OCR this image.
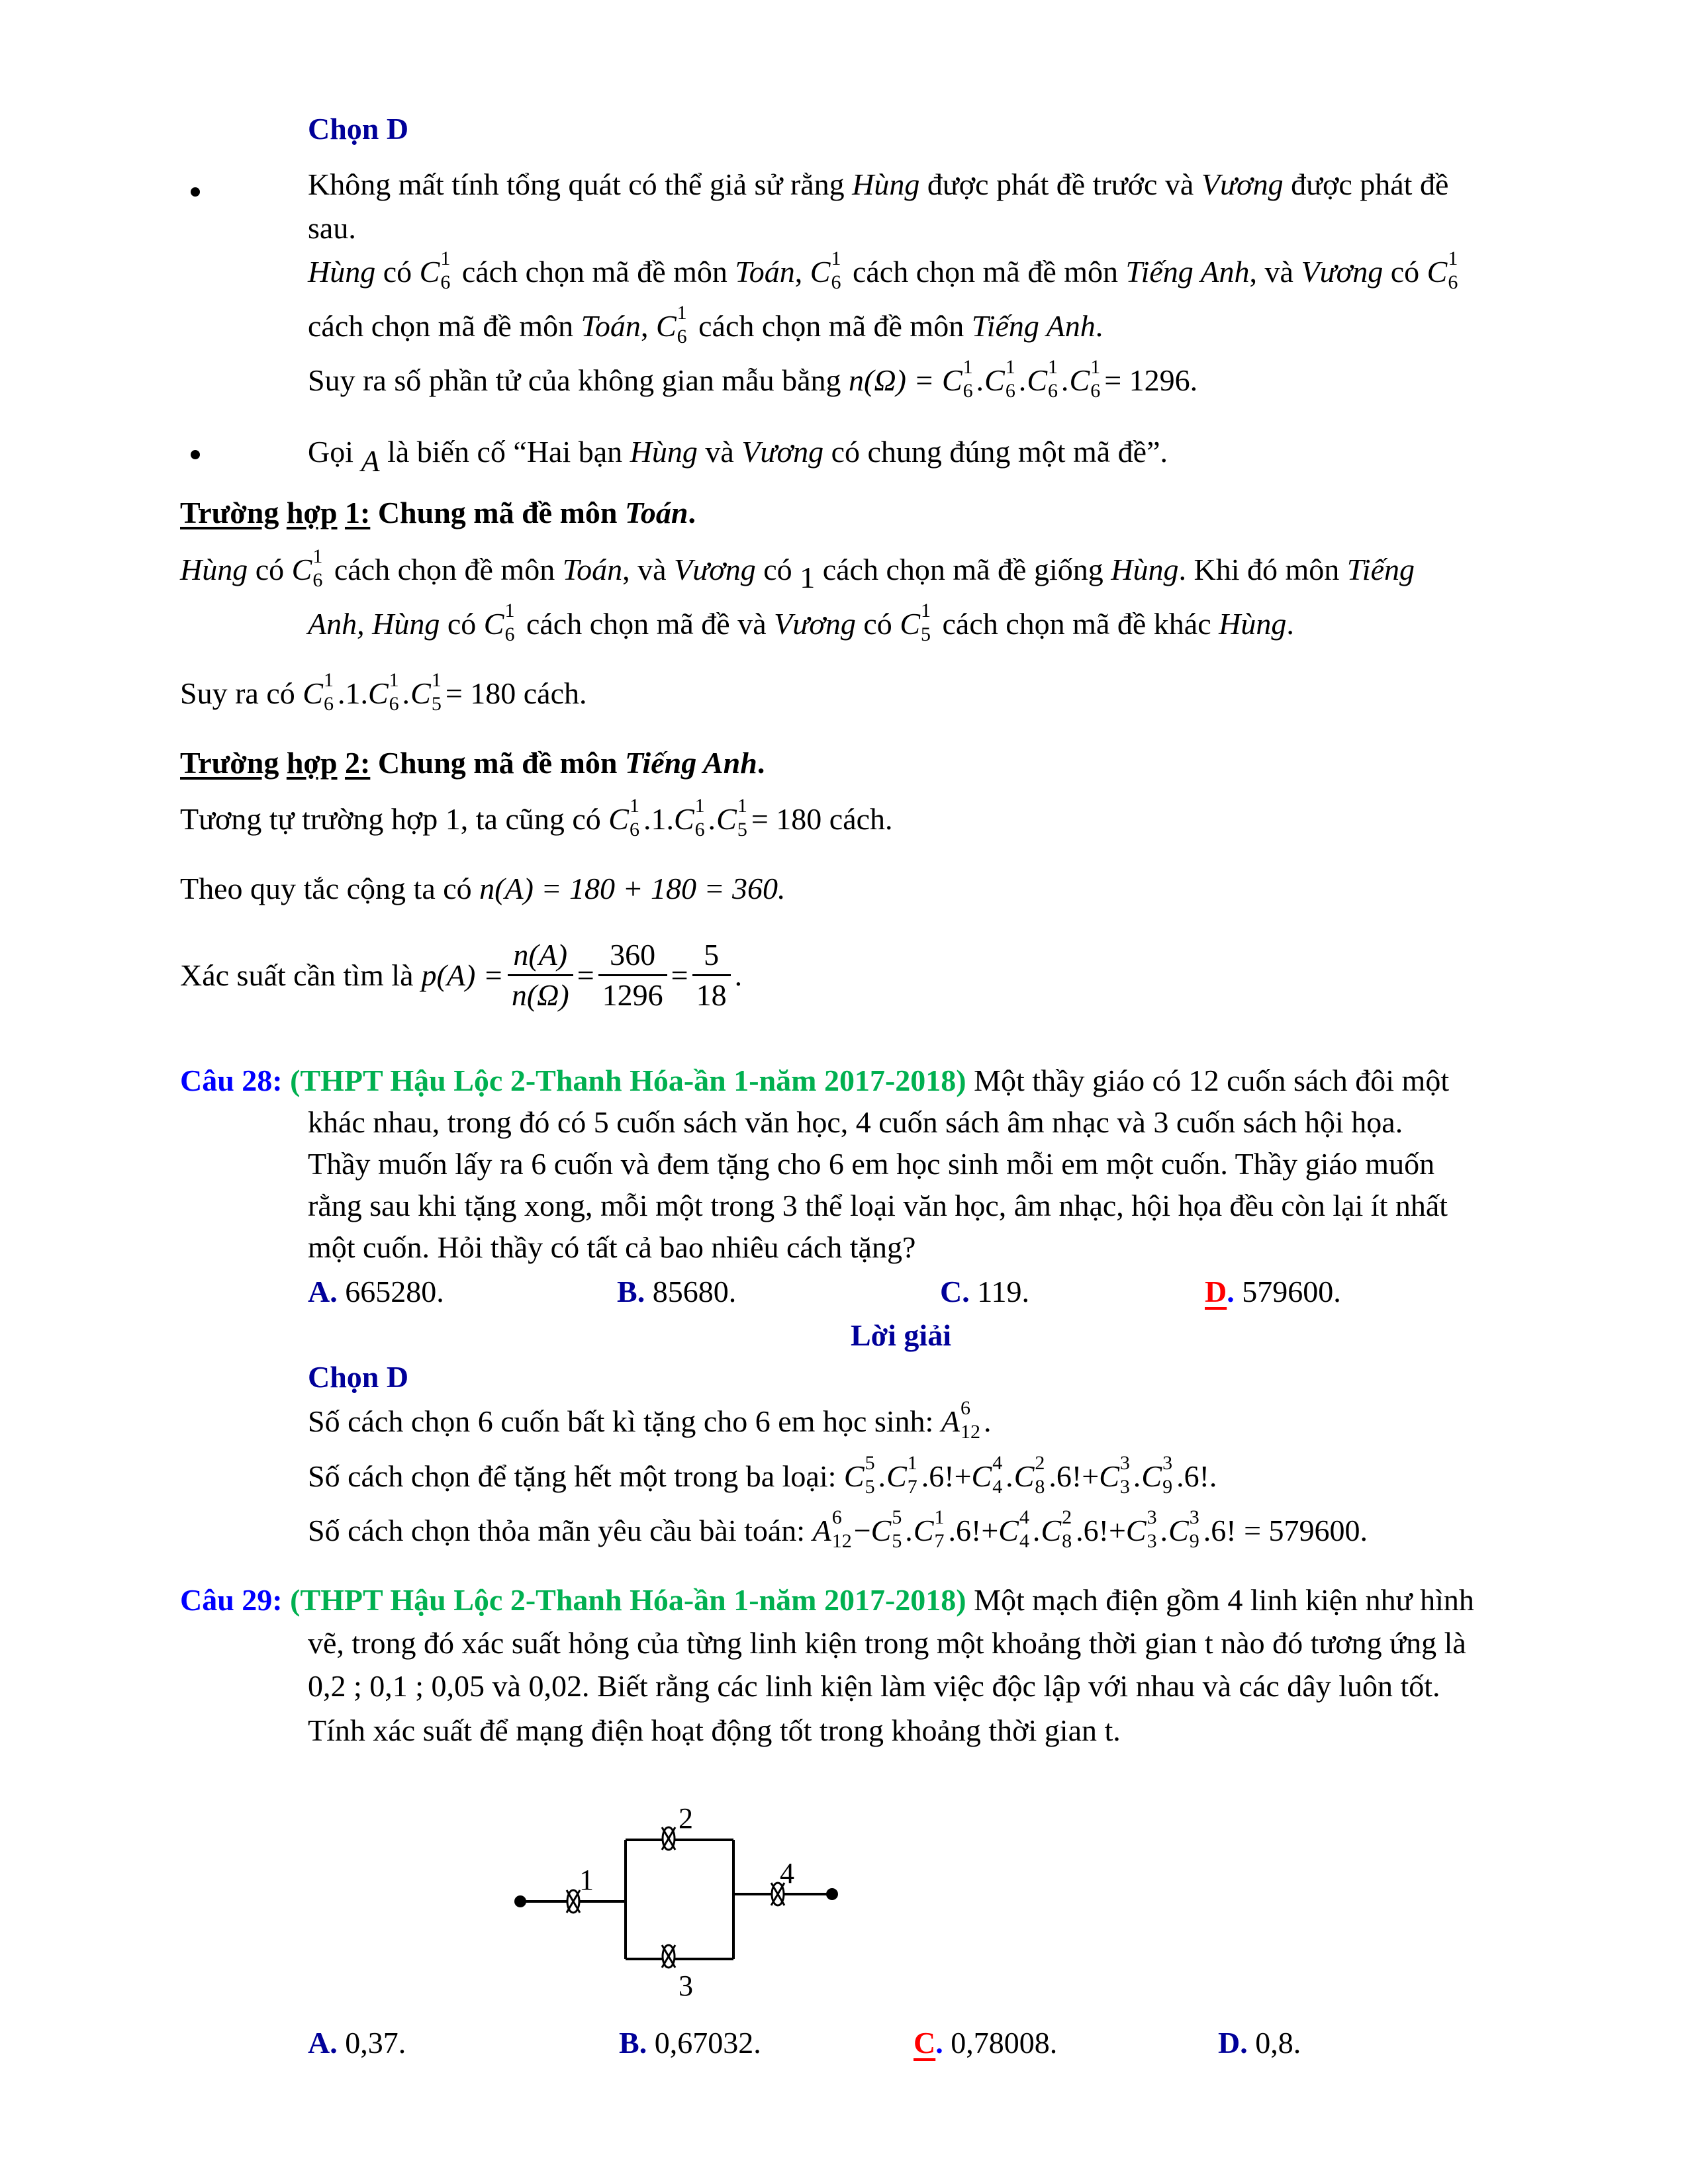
Chọn D
Không mất tính tổng quát có thể giả sử rằng Hùng được phát đề trước và Vương được phát đề
sau.
Hùng có C 1
6 cách chọn mã đề môn Toán, C 1
6 cách chọn mã đề môn Tiếng Anh, và Vương có C 1
6
cách chọn mã đề môn Toán, C 1
6 cách chọn mã đề môn Tiếng Anh.
Suy ra số phần tử của không gian mẫu bằng n(Ω) = C 1
6 .C 1
6 .C 1
6 .C 1
6 = 1296.
Gọi A là biến cố “Hai bạn Hùng và Vương có chung đúng một mã đề”.
Trường hợp 1: Chung mã đề môn Toán.
Hùng có C 1
6 cách chọn đề môn Toán, và Vương có 1 cách chọn mã đề giống Hùng. Khi đó môn Tiếng
Anh, Hùng có C 1
6 cách chọn mã đề và Vương có C 1
5 cách chọn mã đề khác Hùng.
Suy ra có C 1
6 .1.C 1
6 .C 1
5 = 180 cách.
Trường hợp 2: Chung mã đề môn Tiếng Anh.
Tương tự trường hợp 1, ta cũng có C 1
6 .1.C 1
6 .C 1
5 = 180 cách.
Theo quy tắc cộng ta có n(A) = 180 + 180 = 360.
Xác suất cần tìm là $p(A) = \frac{n(A)}{n(\Omega)} = \frac{360}{1296} = \frac{5}{18}$ .
Câu 28: (THPT Hậu Lộc 2-Thanh Hóa-ần 1-năm 2017-2018) Một thầy giáo có 12 cuốn sách đôi một
khác nhau, trong đó có 5 cuốn sách văn học, 4 cuốn sách âm nhạc và 3 cuốn sách hội họa.
Thầy muốn lấy ra 6 cuốn và đem tặng cho 6 em học sinh mỗi em một cuốn. Thầy giáo muốn
rằng sau khi tặng xong, mỗi một trong 3 thể loại văn học, âm nhạc, hội họa đều còn lại ít nhất
một cuốn. Hỏi thầy có tất cả bao nhiêu cách tặng?
A. 665280.	B. 85680.	C. 119.	D. 579600.
Lời giải
Chọn D
Số cách chọn 6 cuốn bất kì tặng cho 6 em học sinh: A 6
12 .
Số cách chọn để tặng hết một trong ba loại: C 5
5 .C 1
7 .6!+C 4
4 .C 2
8 .6!+C 3
3 .C 3
9 .6!.
Số cách chọn thỏa mãn yêu cầu bài toán: A 6
12 −C 5
5 .C 1
7 .6!+C 4
4 .C 2
8 .6!+C 3
3 .C 3
9 .6! = 579600.
Câu 29: (THPT Hậu Lộc 2-Thanh Hóa-ần 1-năm 2017-2018) Một mạch điện gồm 4 linh kiện như hình
vẽ, trong đó xác suất hỏng của từng linh kiện trong một khoảng thời gian t nào đó tương ứng là
0,2 ; 0,1 ; 0,05 và 0,02. Biết rằng các linh kiện làm việc độc lập với nhau và các dây luôn tốt.
Tính xác suất để mạng điện hoạt động tốt trong khoảng thời gian t.
1
2
3
4
A. 0,37.	B. 0,67032.	C. 0,78008.	D. 0,8.
